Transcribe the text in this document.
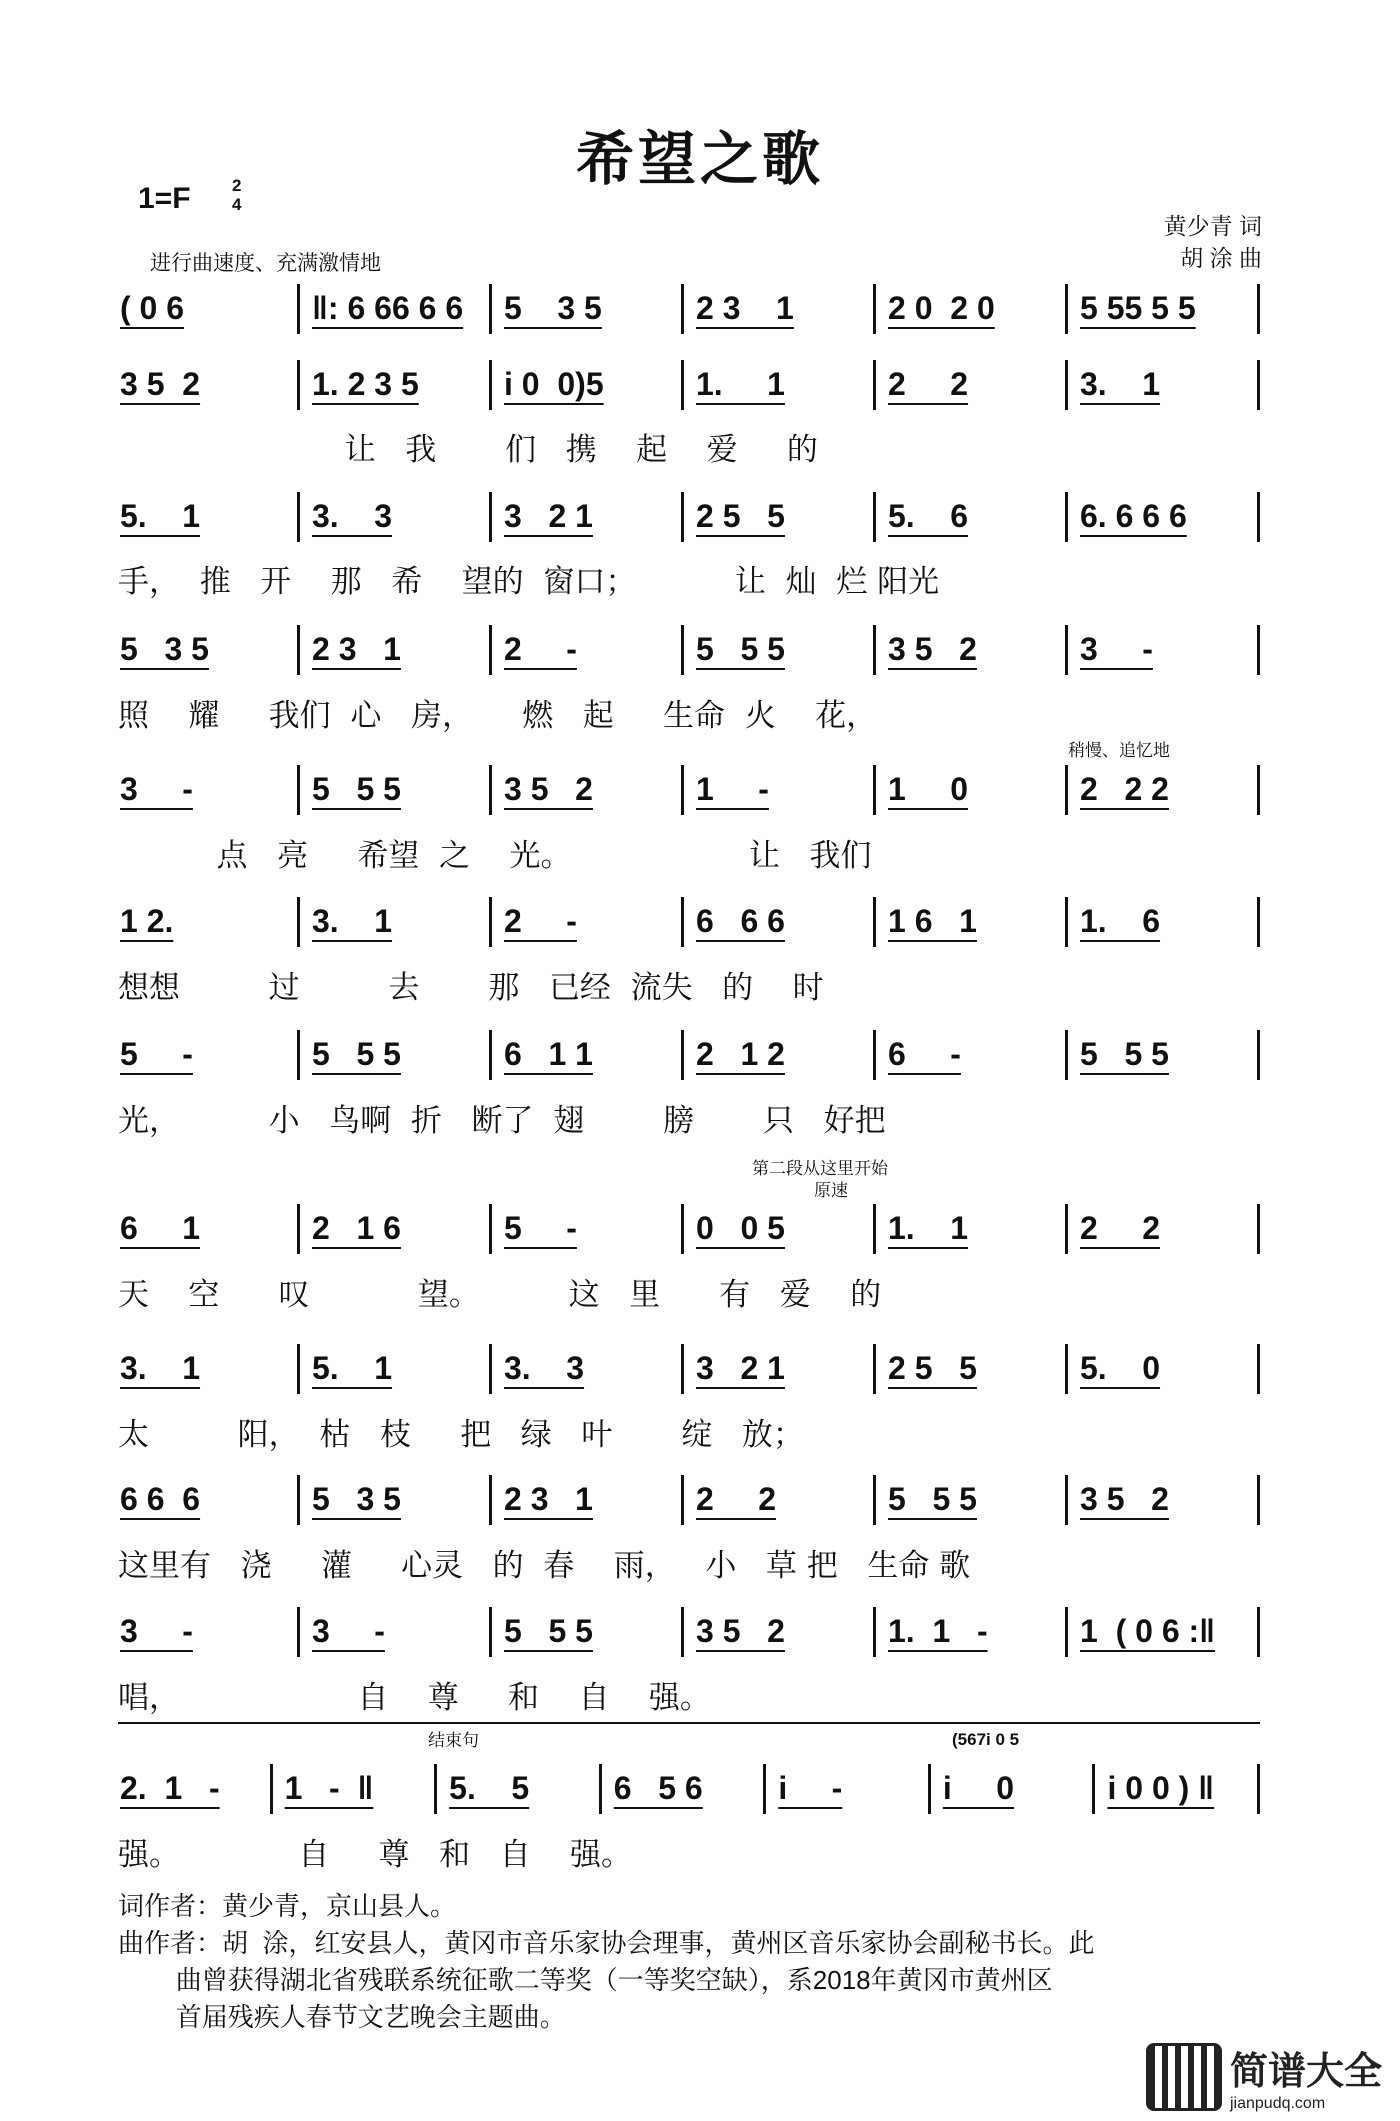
希望之歌
1=F 2
4
黄少青 词
胡 涂 曲
进行曲速度、充满激情地
稍慢、追忆地
第二段从这里开始
原速
结束句	(567i 0 5
( 0 6	‖: 6 66 6 6	5    3 5	2 3    1	2 0  2 0	5 55 5 5
3 5  2	1. 2 3 5	i 0  0)5	1.     1	2     2	3.    1
让   我       们   携    起    爱     的
5.    1	3.    3	3   2 1	2 5   5	5.    6	6. 6 6 6
手，  推   开    那   希    望的  窗口；          让  灿  烂 阳光
5   3 5	2 3   1	2     -	5   5 5	3 5   2	3     -
照    耀     我们  心   房，     燃   起     生命  火    花，
3     -	5   5 5	3 5   2	1     -	1     0	2   2 2
点   亮     希望  之    光。                  让   我们
1 2.	3.    1	2     -	6   6 6	1 6   1	1.    6
想想         过         去       那   已经  流失   的    时
5     -	5   5 5	6   1 1	2   1 2	6     -	5   5 5
光，         小   鸟啊  折   断了  翅        膀       只   好把
6     1	2   1 6	5     -	0   0 5	1.    1	2     2
天    空      叹           望。         这   里      有   爱    的
3.    1	5.    1	3.    3	3   2 1	2 5   5	5.    0
太         阳，  枯   枝     把   绿   叶       绽   放；
6 6  6	5   3 5	2 3   1	2     2	5   5 5	3 5   2
这里有   浇     灌     心灵   的  春    雨，   小   草 把   生命 歌
3     -	3     -	5   5 5	3 5   2	1.  1   -	1  ( 0 6 :‖
唱，                  自    尊     和    自    强。
2.  1   -	1   -  ‖	5.    5	6   5 6	i     -	i     0	i 0 0 ) ‖
强。            自     尊   和   自    强。
词作者：黄少青，京山县人。
曲作者：胡  涂，红安县人，黄冈市音乐家协会理事，黄州区音乐家协会副秘书长。此
曲曾获得湖北省残联系统征歌二等奖（一等奖空缺），系2018年黄冈市黄州区
首届残疾人春节文艺晚会主题曲。
简谱大全
jianpudq.com
